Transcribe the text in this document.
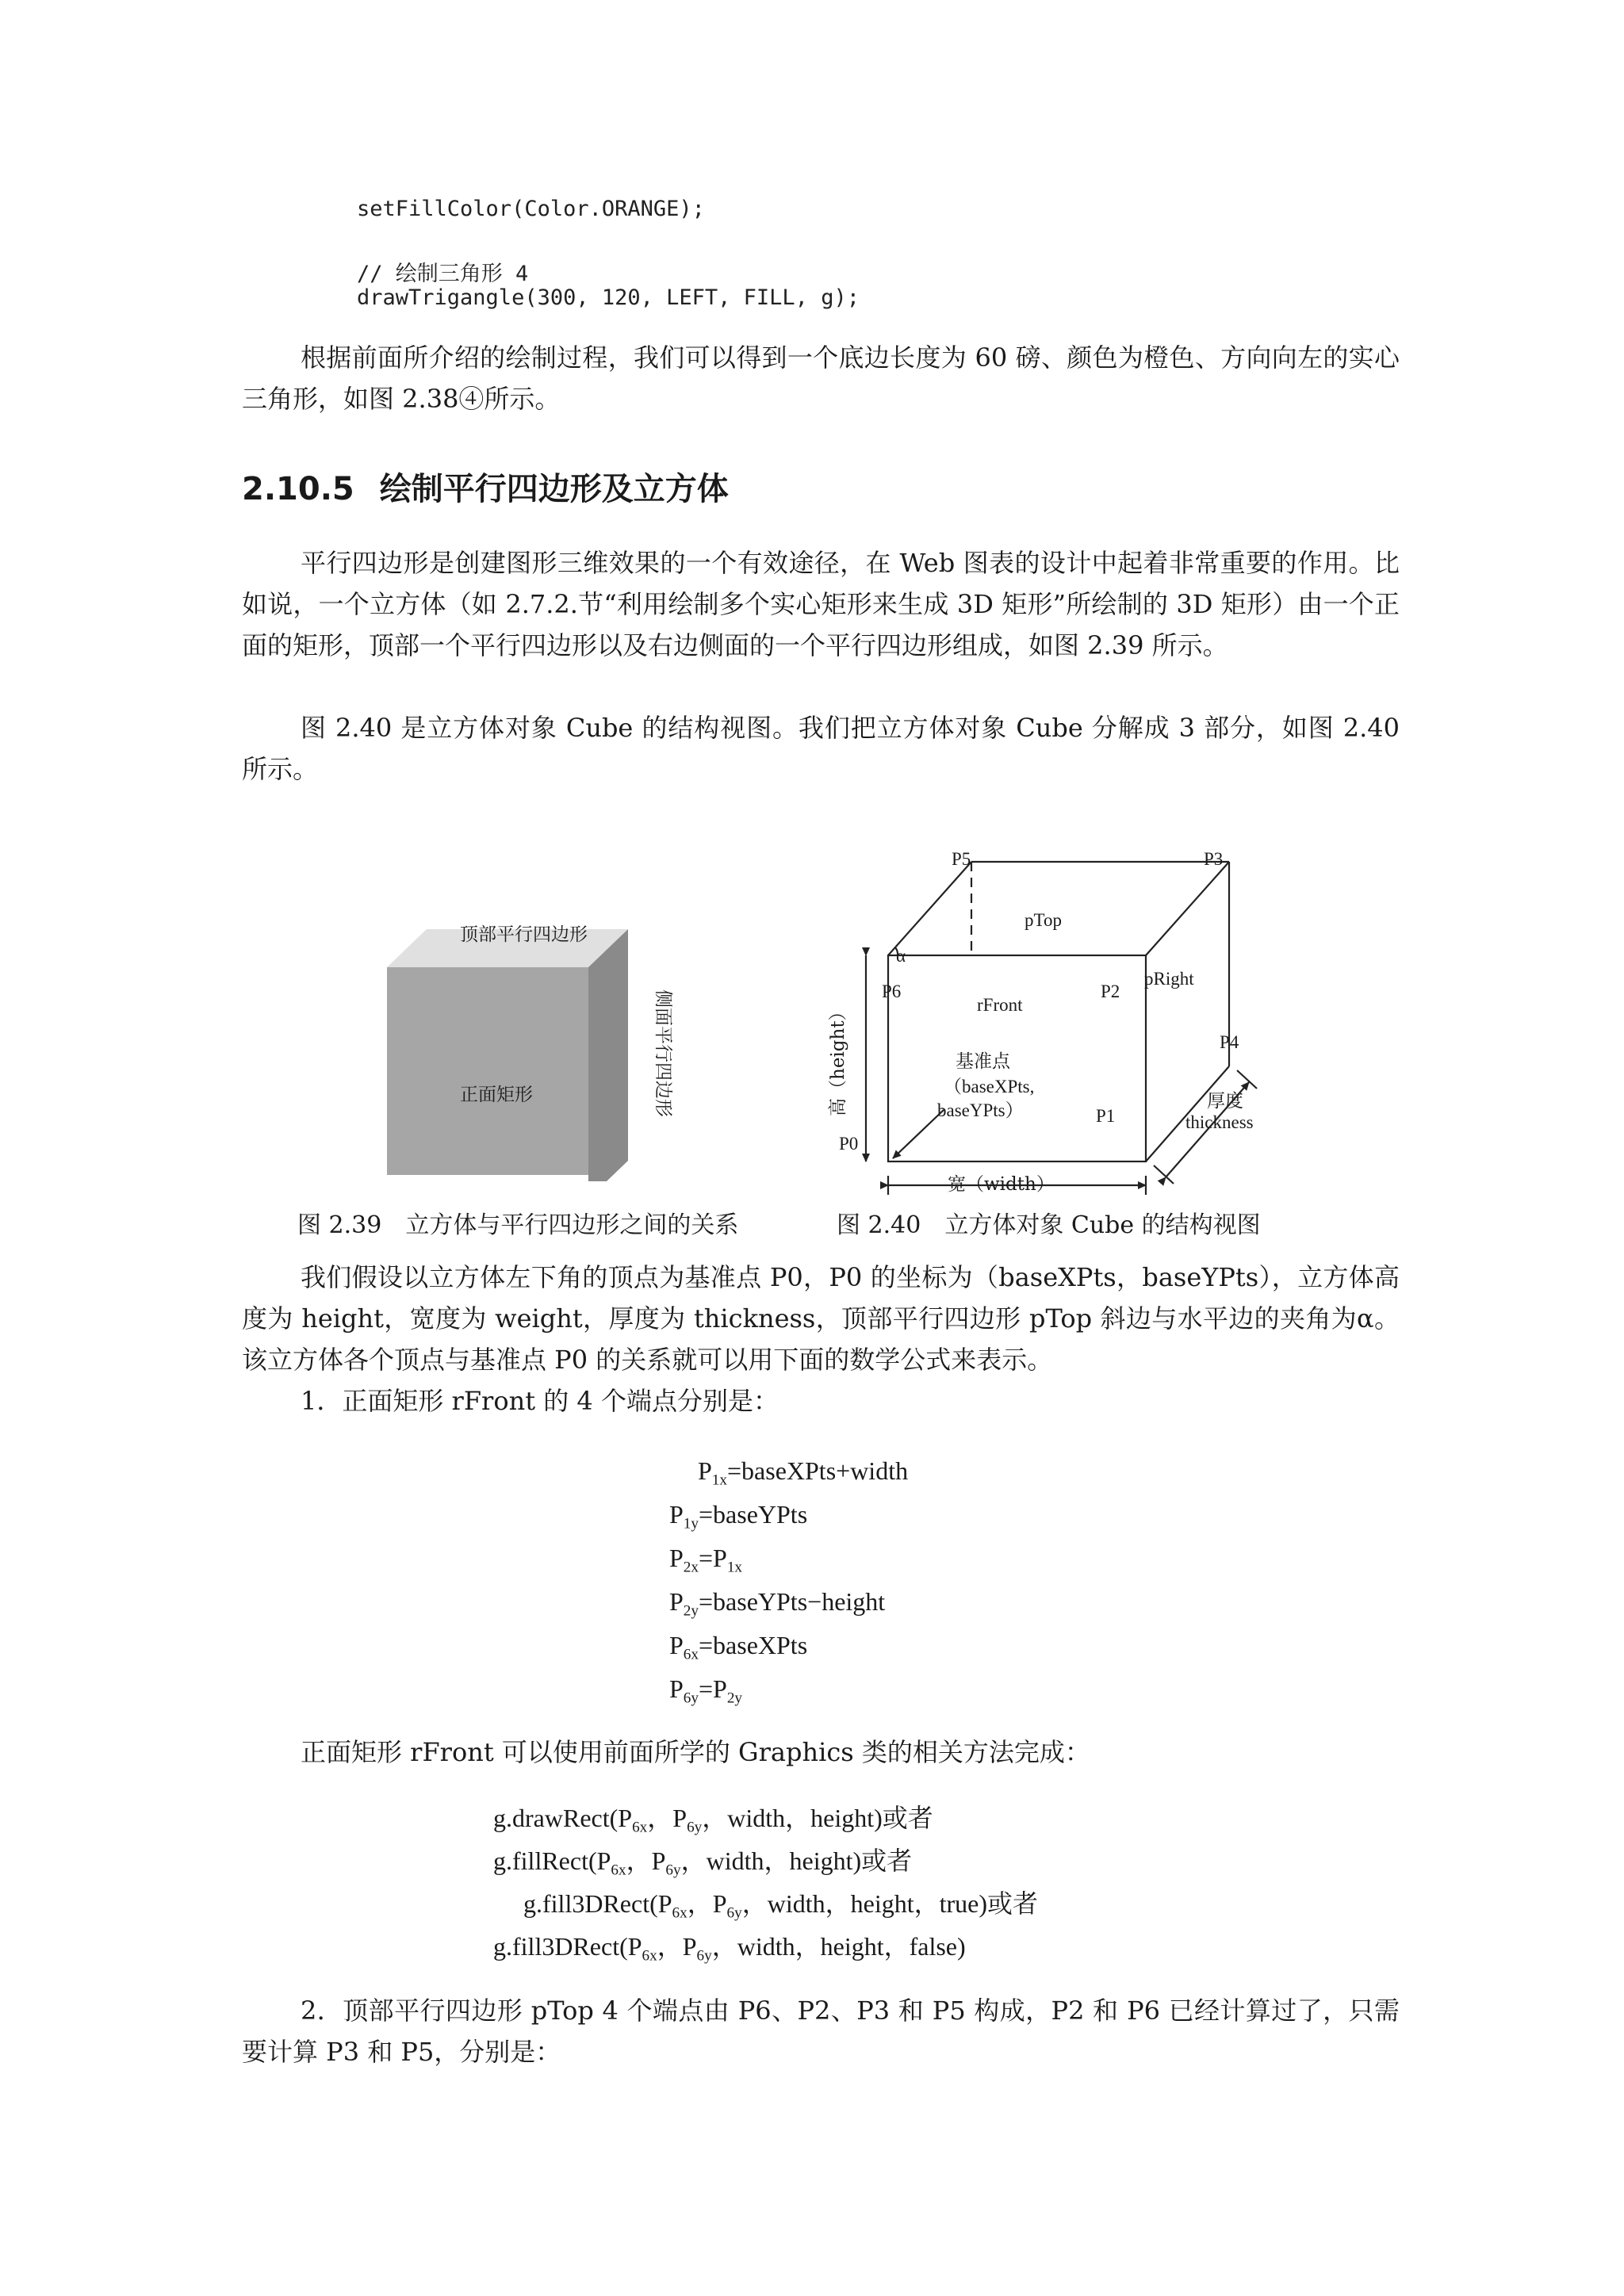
setFillColor(Color.ORANGE);
// 绘制三角形 4
drawTrigangle(300, 120, LEFT, FILL, g);
根据前面所介绍的绘制过程，我们可以得到一个底边长度为 60 磅、颜色为橙色、方向向左的实心三角形，如图 2.38④所示。
2.10.5 绘制平行四边形及立方体
平行四边形是创建图形三维效果的一个有效途径，在 Web 图表的设计中起着非常重要的作用。比如说，一个立方体（如 2.7.2.节“利用绘制多个实心矩形来生成 3D 矩形”所绘制的 3D 矩形）由一个正面的矩形，顶部一个平行四边形以及右边侧面的一个平行四边形组成，如图 2.39 所示。
图 2.40 是立方体对象 Cube 的结构视图。我们把立方体对象 Cube 分解成 3 部分，如图 2.40 所示。
顶部平行四边形
正面矩形	侧面平行四边形
图 2.39　立方体与平行四边形之间的关系
P5	P3
pTop
α
P6
rFront
P2
pRight
P4
高（height）	基准点
（baseXPts,
baseYPts）	厚度
thickness
P1
P0
宽（width）
图 2.40　立方体对象 Cube 的结构视图
我们假设以立方体左下角的顶点为基准点 P0，P0 的坐标为（baseXPts，baseYPts），立方体高度为 height，宽度为 weight，厚度为 thickness，顶部平行四边形 pTop 斜边与水平边的夹角为α。该立方体各个顶点与基准点 P0 的关系就可以用下面的数学公式来表示。
1．正面矩形 rFront 的 4 个端点分别是：
$P_{1x}=baseXPts+width$
$P_{1y}=baseYPts$
$P_{2x}=P_{1x}$
$P_{2y}=baseYPts-height$
$P_{6x}=baseXPts$
$P_{6y}=P_{2y}$
正面矩形 rFront 可以使用前面所学的 Graphics 类的相关方法完成：
$g.drawRect(P_{6x}$，$P_{6y}$，width，height)或者
$g.fillRect(P_{6x}$，$P_{6y}$，width，height)或者
$g.fill3DRect(P_{6x}$，$P_{6y}$，width，height，true)或者
$g.fill3DRect(P_{6x}$，$P_{6y}$，width，height，false)
2．顶部平行四边形 pTop 4 个端点由 P6、P2、P3 和 P5 构成，P2 和 P6 已经计算过了，只需要计算 P3 和 P5，分别是：
